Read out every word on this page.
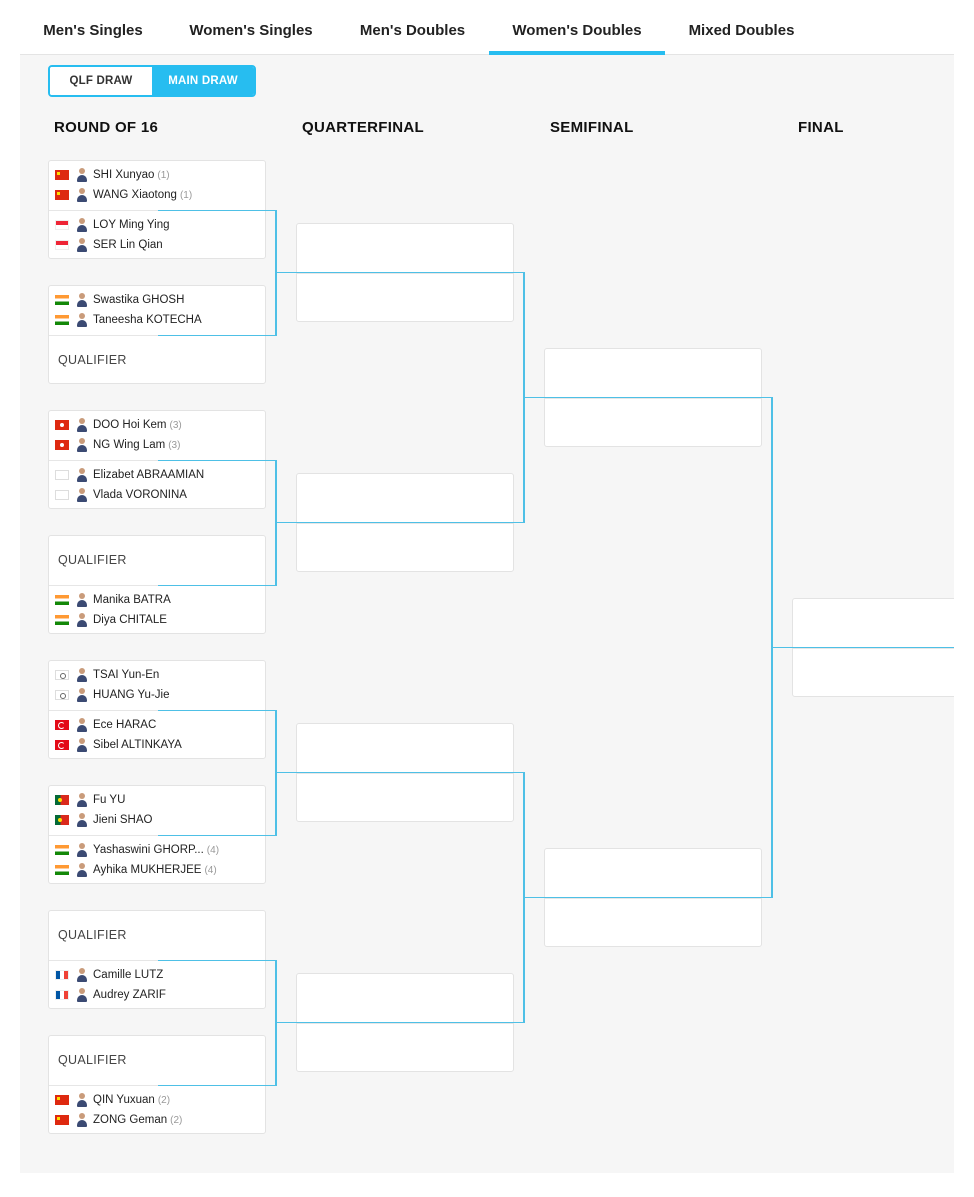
Men's Singles	Women's Singles	Men's Doubles	Women's Doubles	Mixed Doubles
QLF DRAW	MAIN DRAW
ROUND OF 16	QUARTERFINAL	SEMIFINAL	FINAL
SHI Xunyao (1)
WANG Xiaotong (1)
LOY Ming Ying
SER Lin Qian
Swastika GHOSH
Taneesha KOTECHA
QUALIFIER
DOO Hoi Kem (3)
NG Wing Lam (3)
Elizabet ABRAAMIAN
Vlada VORONINA
QUALIFIER
Manika BATRA
Diya CHITALE
TSAI Yun-En
HUANG Yu-Jie
Ece HARAC
Sibel ALTINKAYA
Fu YU
Jieni SHAO
Yashaswini GHORP... (4)
Ayhika MUKHERJEE (4)
QUALIFIER
Camille LUTZ
Audrey ZARIF
QUALIFIER
QIN Yuxuan (2)
ZONG Geman (2)
